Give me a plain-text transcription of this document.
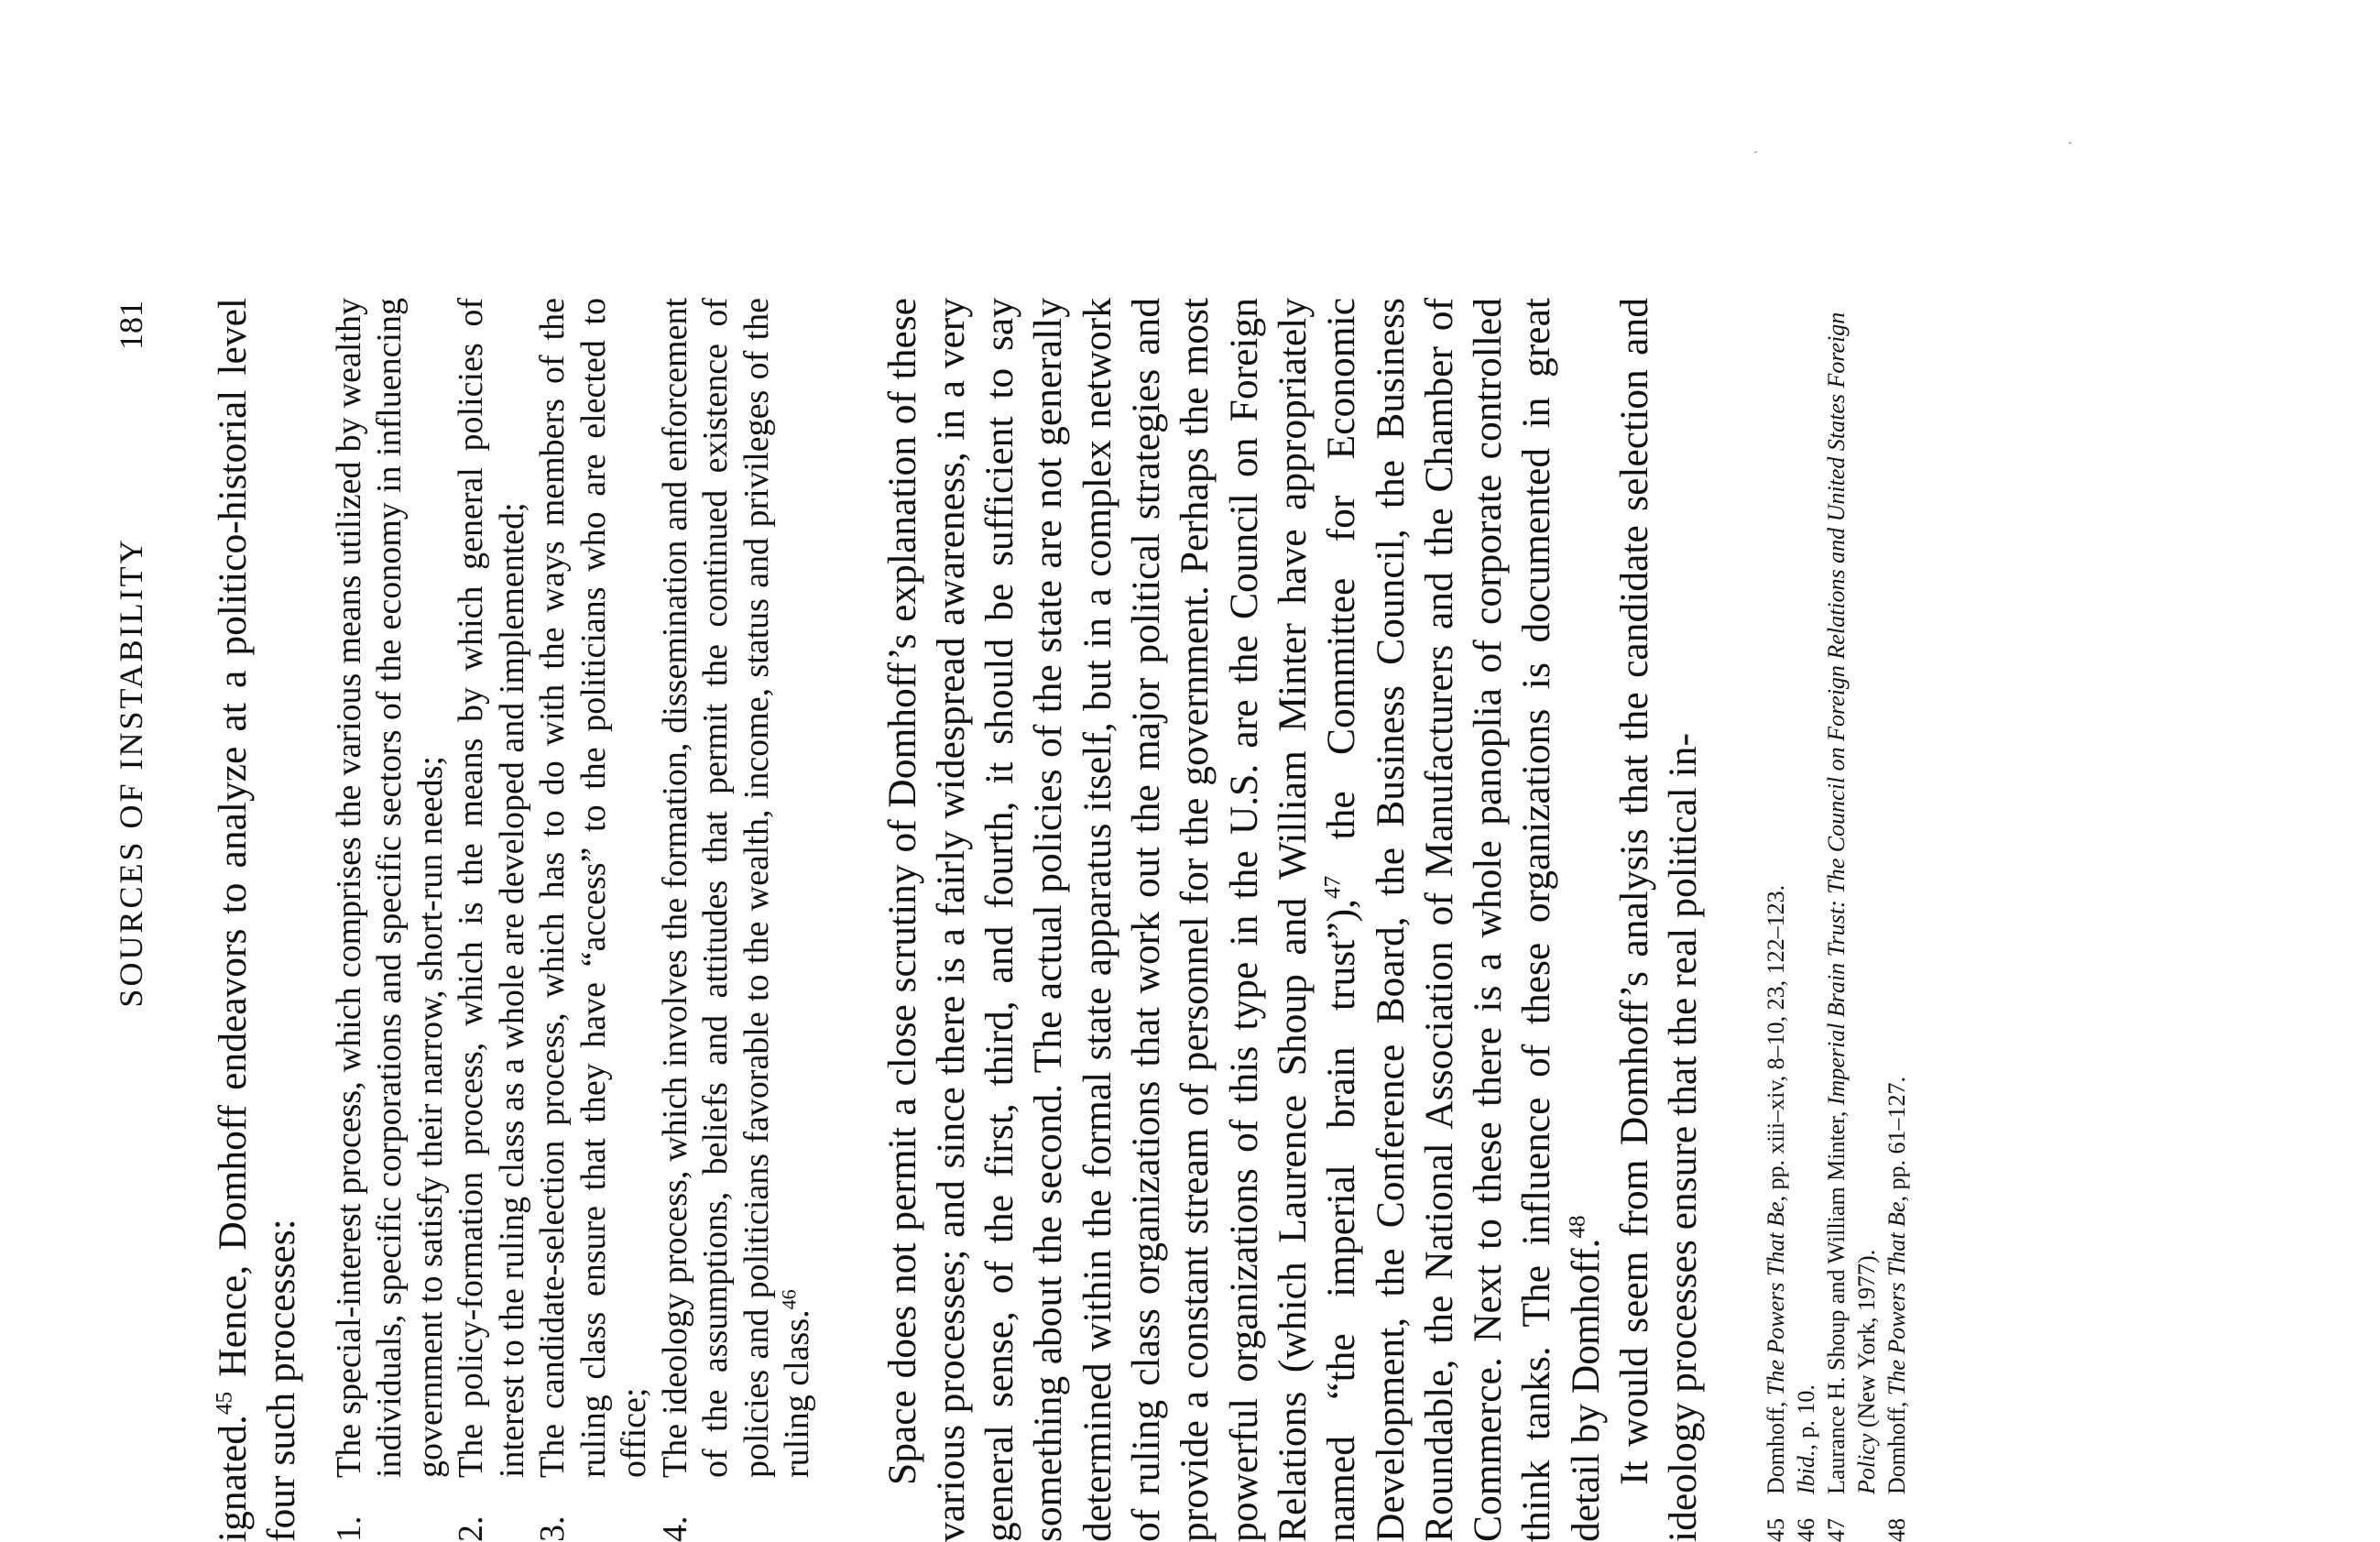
SOURCES OF INSTABILITY
181

ignated.$^{45}$ Hence, Domhoff endeavors to analyze at a politico-historial level four such processes: 1.
The special-interest process, which comprises the various means utilized by wealthy individuals, specific corporations and specific sectors of the economy in influencing government to satisfy their narrow, short-run needs;
2.
The policy-formation process, which is the means by which general policies of interest to the ruling class as a whole are developed and implemented;
3.
The candidate-selection process, which has to do with the ways members of the ruling class ensure that they have “access” to the politicians who are elected to office;
4.
The ideology process, which involves the formation, dissemination and enforcement of the assumptions, beliefs and attitudes that permit the continued existence of policies and politicians favorable to the wealth, income, status and privileges of the ruling class.$^{46}$	Space does not permit a close scrutiny of Domhoff’s explanation of these various processes; and since there is a fairly widespread awareness, in a very general sense, of the first, third, and fourth, it should be sufficient to say something about the second. The actual policies of the state are not generally determined within the formal state apparatus itself, but in a complex network of ruling class organizations that work out the major political strategies and provide a constant stream of personnel for the government. Perhaps the most powerful organizations of this type in the U.S. are the Council on Foreign Relations (which Laurence Shoup and William Minter have appropriately named “the imperial brain trust”),$^{47}$ the Committee for Economic Development, the Conference Board, the Business Council, the Business Roundable, the National Association of Manufacturers and the Chamber of Commerce. Next to these there is a whole panoplia of corporate controlled think tanks. The influence of these organizations is documented in great detail by Domhoff.$^{48}$ It would seem from Domhoff’s analysis that the candidate selection and ideology processes ensure that the real political in- 45
Domhoff, The Powers That Be, pp. xiii–xiv, 8–10, 23, 122–123.

46
Ibid., p. 10.

47
Laurance H. Shoup and William Minter, Imperial Brain Trust: The Council on Foreign Relations and United States Foreign Policy (New York, 1977).

48
Domhoff, The Powers That Be, pp. 61–127.
